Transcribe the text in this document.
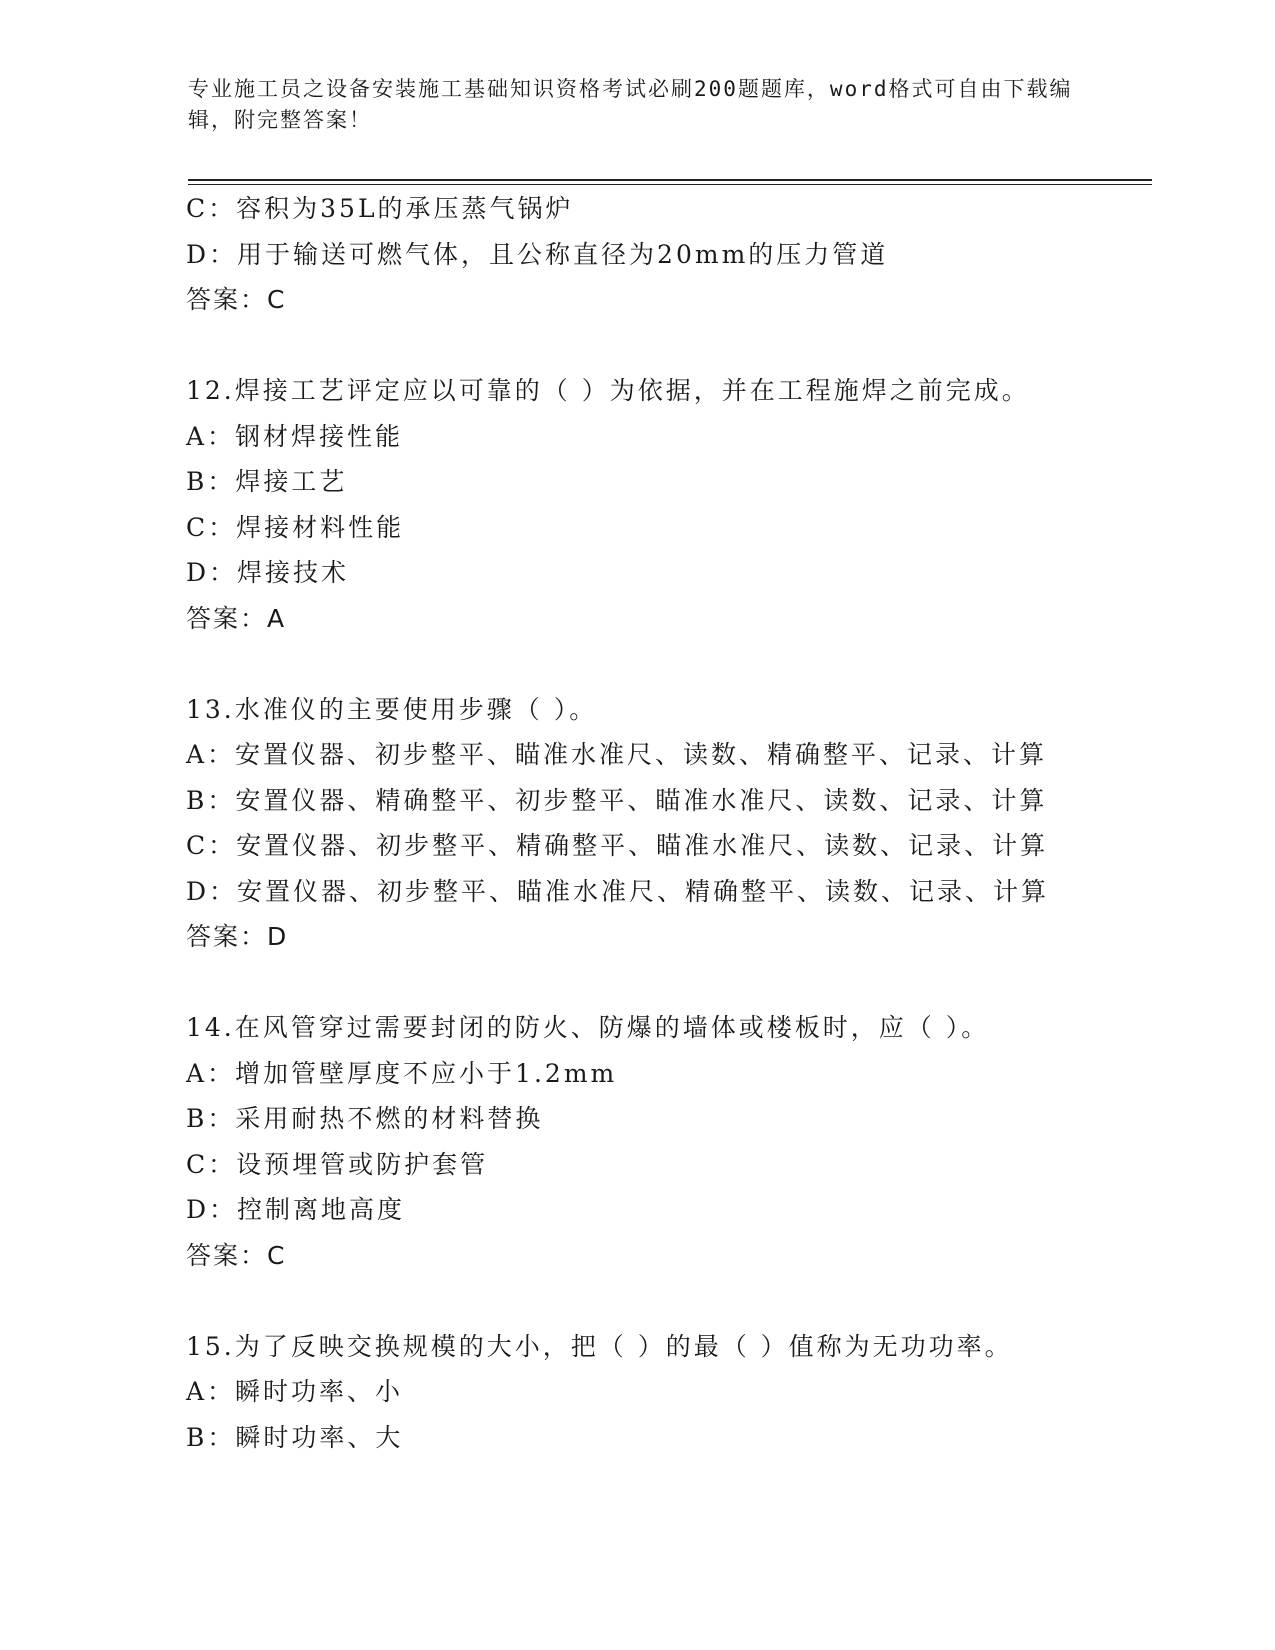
专业施工员之设备安装施工基础知识资格考试必刷200题题库，word格式可自由下载编辑，附完整答案！
C：容积为35L的承压蒸气锅炉
D：用于输送可燃气体，且公称直径为20mm的压力管道
答案：C
12.焊接工艺评定应以可靠的（ ）为依据，并在工程施焊之前完成。
A：钢材焊接性能
B：焊接工艺
C：焊接材料性能
D：焊接技术
答案：A
13.水准仪的主要使用步骤（ ）。
A：安置仪器、初步整平、瞄准水准尺、读数、精确整平、记录、计算
B：安置仪器、精确整平、初步整平、瞄准水准尺、读数、记录、计算
C：安置仪器、初步整平、精确整平、瞄准水准尺、读数、记录、计算
D：安置仪器、初步整平、瞄准水准尺、精确整平、读数、记录、计算
答案：D
14.在风管穿过需要封闭的防火、防爆的墙体或楼板时，应（ ）。
A：增加管壁厚度不应小于1.2mm
B：采用耐热不燃的材料替换
C：设预埋管或防护套管
D：控制离地高度
答案：C
15.为了反映交换规模的大小，把（ ）的最（ ）值称为无功功率。
A：瞬时功率、小
B：瞬时功率、大
